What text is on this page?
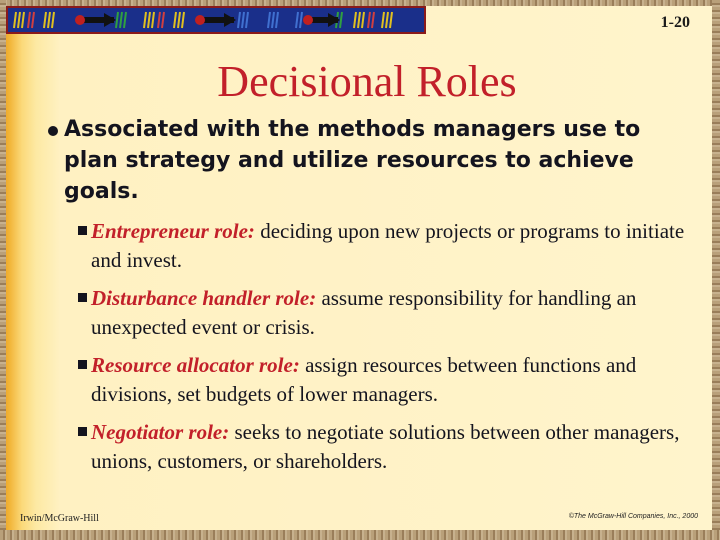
1-20
Decisional Roles

Associated with the methods managers use to plan strategy and utilize resources to achieve goals.

Entrepreneur role: deciding upon new projects or programs to initiate and invest.
Disturbance handler role: assume responsibility for handling an unexpected event or crisis.
Resource allocator role: assign resources between functions and divisions, set budgets of lower managers.
Negotiator role: seeks to negotiate solutions between other managers, unions, customers, or shareholders.
Irwin/McGraw-Hill	©The McGraw-Hill Companies, Inc., 2000
